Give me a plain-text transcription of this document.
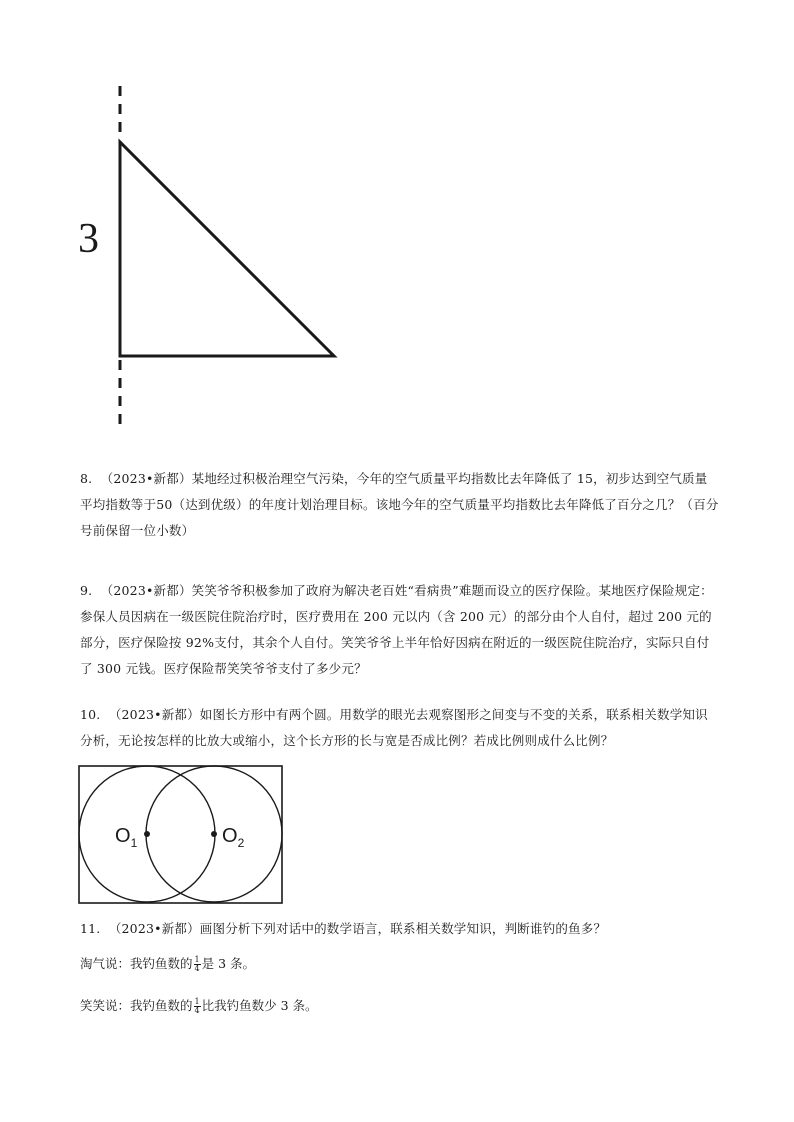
3

8.  （2023•新都）某地经过积极治理空气污染，今年的空气质量平均指数比去年降低了 15，初步达到空气质量平均指数等于50（达到优级）的年度计划治理目标。该地今年的空气质量平均指数比去年降低了百分之几？（百分号前保留一位小数）

9.  （2023•新都）笑笑爷爷积极参加了政府为解决老百姓“看病贵”难题而设立的医疗保险。某地医疗保险规定：参保人员因病在一级医院住院治疗时，医疗费用在 200 元以内（含 200 元）的部分由个人自付，超过 200 元的部分，医疗保险按 92%支付，其余个人自付。笑笑爷爷上半年恰好因病在附近的一级医院住院治疗，实际只自付了 300 元钱。医疗保险帮笑笑爷爷支付了多少元？

10.  （2023•新都）如图长方形中有两个圆。用数学的眼光去观察图形之间变与不变的关系，联系相关数学知识分析，无论按怎样的比放大或缩小，这个长方形的长与宽是否成比例？若成比例则成什么比例？

$O_1$	$O_2$

11.  （2023•新都）画图分析下列对话中的数学语言，联系相关数学知识，判断谁钓的鱼多？

淘气说：我钓鱼数的 $\frac{1}{4}$ 是 3 条。
笑笑说：我钓鱼数的 $\frac{1}{4}$ 比我钓鱼数少 3 条。
